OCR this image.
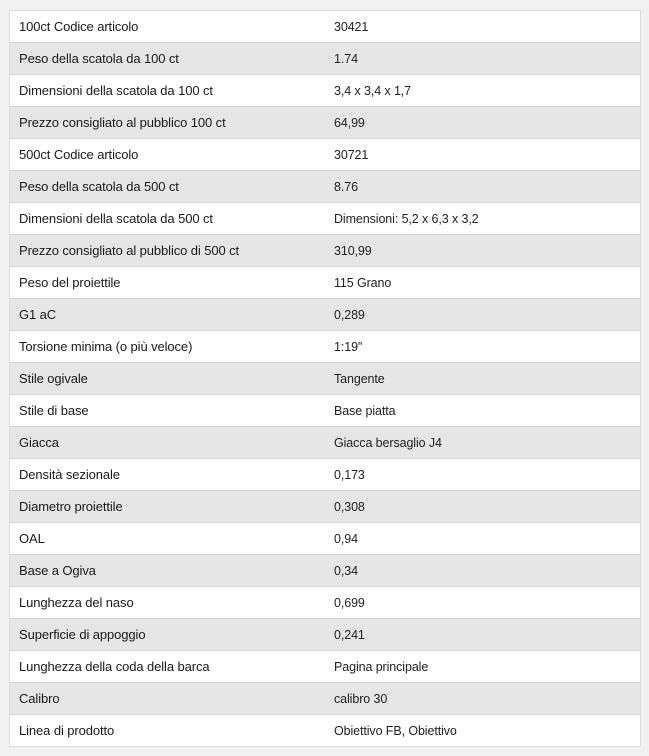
100ct Codice articolo	30421
Peso della scatola da 100 ct	1.74
Dimensioni della scatola da 100 ct	3,4 x 3,4 x 1,7
Prezzo consigliato al pubblico 100 ct	64,99
500ct Codice articolo	30721
Peso della scatola da 500 ct	8.76
Dimensioni della scatola da 500 ct	Dimensioni: 5,2 x 6,3 x 3,2
Prezzo consigliato al pubblico di 500 ct	310,99
Peso del proiettile	115 Grano
G1 aC	0,289
Torsione minima (o più veloce)	1:19"
Stile ogivale	Tangente
Stile di base	Base piatta
Giacca	Giacca bersaglio J4
Densità sezionale	0,173
Diametro proiettile	0,308
OAL	0,94
Base a Ogiva	0,34
Lunghezza del naso	0,699
Superficie di appoggio	0,241
Lunghezza della coda della barca	Pagina principale
Calibro	calibro 30
Linea di prodotto	Obiettivo FB, Obiettivo
